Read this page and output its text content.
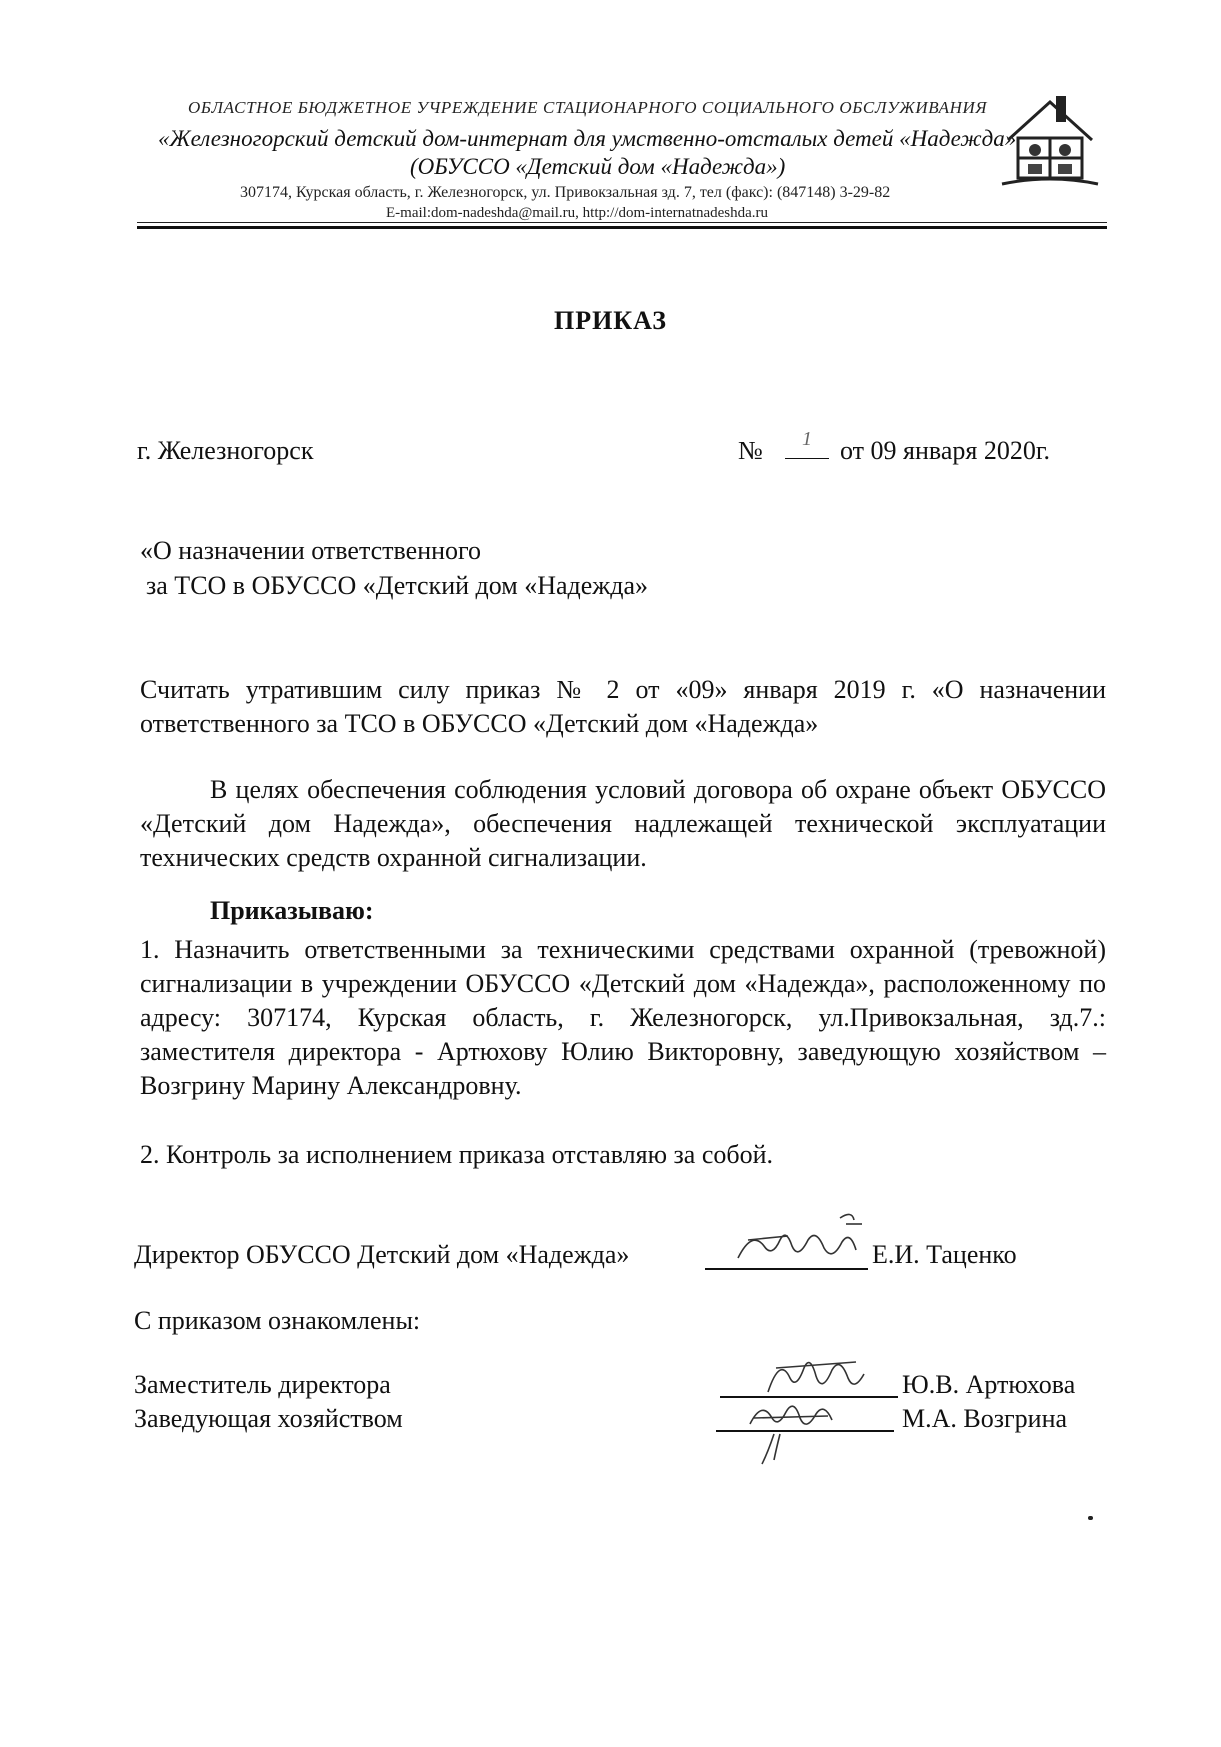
ОБЛАСТНОЕ БЮДЖЕТНОЕ УЧРЕЖДЕНИЕ СТАЦИОНАРНОГО СОЦИАЛЬНОГО ОБСЛУЖИВАНИЯ
«Железногорский детский дом-интернат для умственно-отсталых детей «Надежда»
(ОБУССО «Детский дом «Надежда»)
307174, Курская область, г. Железногорск, ул. Привокзальная зд. 7, тел (факс): (847148) 3-29-82
E-mail:dom-nadeshda@mail.ru, http://dom-internatnadeshda.ru
ПРИКАЗ
г. Железногорск	№	1	от 09 января 2020г.
«О назначении ответственного
за ТСО в ОБУССО «Детский дом «Надежда»
Считать утратившим силу приказ № 2 от «09» января 2019 г. «О назначении ответственного за ТСО в ОБУССО «Детский дом «Надежда»
В целях обеспечения соблюдения условий договора об охране объект ОБУССО «Детский дом Надежда», обеспечения надлежащей технической эксплуатации технических средств охранной сигнализации.
Приказываю:
1. Назначить ответственными за техническими средствами охранной (тревожной) сигнализации в учреждении ОБУССО «Детский дом «Надежда», расположенному по адресу: 307174, Курская область, г. Железногорск, ул.Привокзальная, зд.7.: заместителя директора - Артюхову Юлию Викторовну, заведующую хозяйством – Возгрину Марину Александровну.
2. Контроль за исполнением приказа отставляю за собой.
Директор ОБУССО Детский дом «Надежда»	Е.И. Таценко
С приказом ознакомлены:
Заместитель директора	Ю.В. Артюхова
Заведующая хозяйством	М.А. Возгрина
